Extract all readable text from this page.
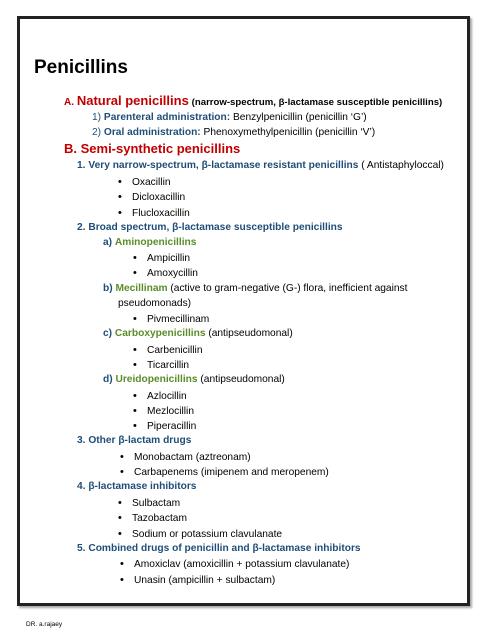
Penicillins
A. Natural penicillins (narrow-spectrum, β-lactamase susceptible penicillins)
1) Parenteral administration: Benzylpenicillin (penicillin ‘G’)
2) Oral administration: Phenoxymethylpenicillin (penicillin ‘V’)
B. Semi-synthetic penicillins
1. Very narrow-spectrum, β-lactamase resistant penicillins ( Antistaphyloccal)
• Oxacillin
• Dicloxacillin
• Flucloxacillin
2. Broad spectrum, β-lactamase susceptible penicillins
a) Aminopenicillins
• Ampicillin
• Amoxycillin
b) Mecillinam (active to gram-negative (G-) flora, inefficient against
pseudomonads)
• Pivmecillinam
c) Carboxypenicillins (antipseudomonal)
• Carbenicillin
• Ticarcillin
d) Ureidopenicillins (antipseudomonal)
• Azlocillin
• Mezlocillin
• Piperacillin
3. Other β-lactam drugs
• Monobactam (aztreonam)
• Carbapenems (imipenem and meropenem)
4. β-lactamase inhibitors
• Sulbactam
• Tazobactam
• Sodium or potassium clavulanate
5. Combined drugs of penicillin and β-lactamase inhibitors
• Amoxiclav (amoxicillin + potassium clavulanate)
• Unasin (ampicillin + sulbactam)
DR. a.rajaey
